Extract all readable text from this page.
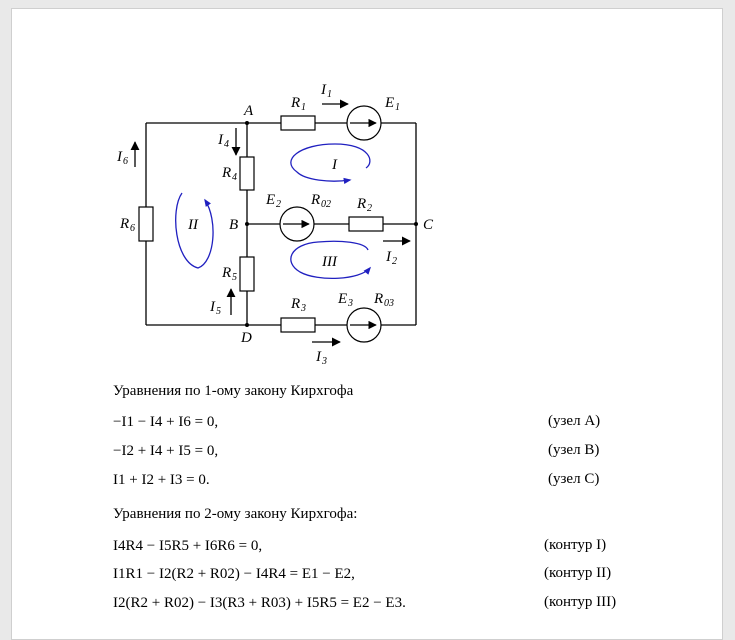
A
B	C
D
R 1
I 1
E 1
I 4
R 4
I 6
R 6
E 2 R 02 R 2
I 2
R 5
I 5	R 3
E 3 R 03
I 3
I
II
III
Уравнения по 1-ому закону Кирхгофа
−I1 − I4 + I6 = 0,	(узел A)
−I2 + I4 + I5 = 0,	(узел B)
I1 + I2 + I3 = 0.	(узел C)
Уравнения по 2-ому закону Кирхгофа:
I4R4 − I5R5 + I6R6 = 0,	(контур I)
I1R1 − I2(R2 + R02) − I4R4 = E1 − E2,	(контур II)
I2(R2 + R02) − I3(R3 + R03) + I5R5 = E2 − E3.	(контур III)
